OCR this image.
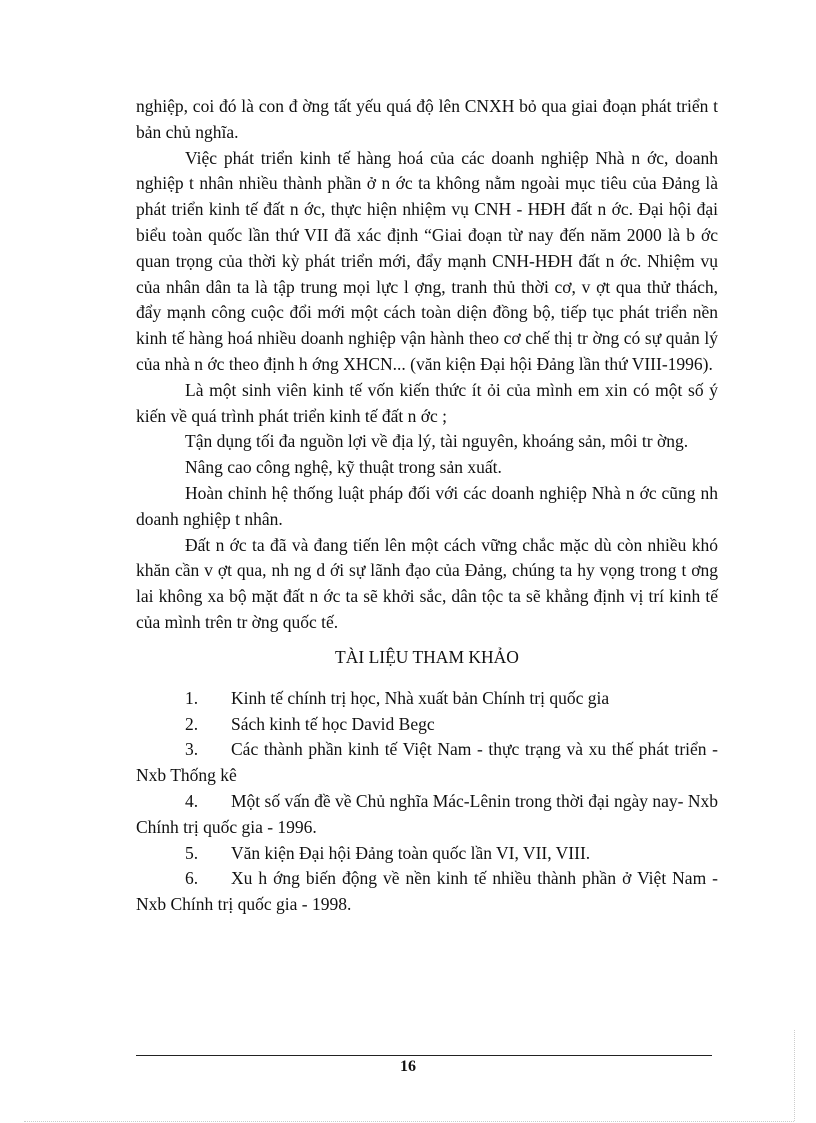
nghiệp, coi đó là con đ ờng tất yếu quá độ lên CNXH bỏ qua giai đoạn phát triển t bản chủ nghĩa.

Việc phát triển kinh tế hàng hoá của các doanh nghiệp Nhà n ớc, doanh nghiệp t nhân nhiều thành phần ở n ớc ta không nằm ngoài mục tiêu của Đảng là phát triển kinh tế đất n ớc, thực hiện nhiệm vụ CNH - HĐH đất n ớc. Đại hội đại biểu toàn quốc lần thứ VII đã xác định “Giai đoạn từ nay đến năm 2000 là b ớc quan trọng của thời kỳ phát triển mới, đẩy mạnh CNH-HĐH đất n ớc. Nhiệm vụ của nhân dân ta là tập trung mọi lực l ợng, tranh thủ thời cơ, v ợt qua thử thách, đẩy mạnh công cuộc đổi mới một cách toàn diện đồng bộ, tiếp tục phát triển nền kinh tế hàng hoá nhiều doanh nghiệp vận hành theo cơ chế thị tr ờng có sự quản lý của nhà n ớc theo định h ớng XHCN... (văn kiện Đại hội Đảng lần thứ VIII-1996).

Là một sinh viên kinh tế vốn kiến thức ít ỏi của mình em xin có một số ý kiến về quá trình phát triển kinh tế đất n ớc ;

Tận dụng tối đa nguồn lợi về địa lý, tài nguyên, khoáng sản, môi tr ờng.

Nâng cao công nghệ, kỹ thuật trong sản xuất.

Hoàn chỉnh hệ thống luật pháp đối với các doanh nghiệp Nhà n ớc cũng nh doanh nghiệp t nhân.

Đất n ớc ta đã và đang tiến lên một cách vững chắc mặc dù còn nhiều khó khăn cần v ợt qua, nh ng d ới sự lãnh đạo của Đảng, chúng ta hy vọng trong t ơng lai không xa bộ mặt đất n ớc ta sẽ khởi sắc, dân tộc ta sẽ khẳng định vị trí kinh tế của mình trên tr ờng quốc tế.

TÀI LIỆU THAM KHẢO
1. Kinh tế chính trị học, Nhà xuất bản Chính trị quốc gia
2. Sách kinh tế học David Begc
3. Các thành phần kinh tế Việt Nam - thực trạng và xu thế phát triển - Nxb Thống kê
4. Một số vấn đề về Chủ nghĩa Mác-Lênin trong thời đại ngày nay- Nxb Chính trị quốc gia - 1996.
5. Văn kiện Đại hội Đảng toàn quốc lần VI, VII, VIII.
6. Xu h ớng biến động về nền kinh tế nhiều thành phần ở Việt Nam - Nxb Chính trị quốc gia - 1998.
16
